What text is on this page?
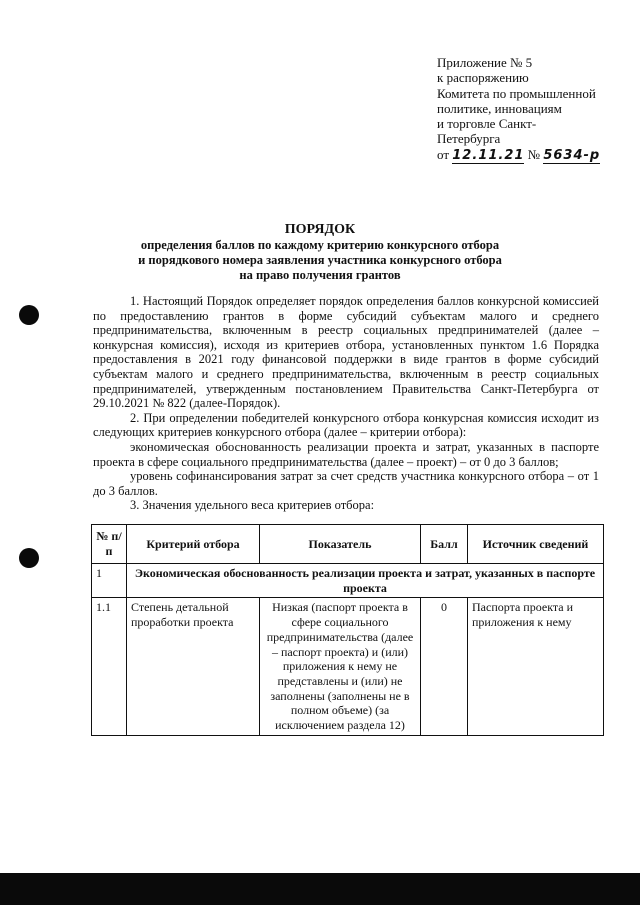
Приложение № 5
к распоряжению
Комитета по промышленной
политике, инновациям
и торговле Санкт-
Петербурга
от 12.11.21 № 5634-р
ПОРЯДОК
определения баллов по каждому критерию конкурсного отбора
и порядкового номера заявления участника конкурсного отбора
на право получения грантов

1. Настоящий Порядок определяет порядок определения баллов конкурсной комиссией по предоставлению грантов в форме субсидий субъектам малого и среднего предпринимательства, включенным в реестр социальных предпринимателей (далее – конкурсная комиссия), исходя из критериев отбора, установленных пунктом 1.6 Порядка предоставления в 2021 году финансовой поддержки в виде грантов в форме субсидий субъектам малого и среднего предпринимательства, включенным в реестр социальных предпринимателей, утвержденным постановлением Правительства Санкт-Петербурга от 29.10.2021 № 822 (далее-Порядок).

2. При определении победителей конкурсного отбора конкурсная комиссия исходит из следующих критериев конкурсного отбора (далее – критерии отбора):

экономическая обоснованность реализации проекта и затрат, указанных в паспорте проекта в сфере социального предпринимательства (далее – проект) – от 0 до 3 баллов;

уровень софинансирования затрат за счет средств участника конкурсного отбора – от 1 до 3 баллов.

3. Значения удельного веса критериев отбора:

№ п/п	Критерий отбора	Показатель	Балл	Источник сведений
1	Экономическая обоснованность реализации проекта и затрат, указанных в паспорте проекта			
1.1	Степень детальной проработки проекта	Низкая (паспорт проекта в сфере социального предпринимательства (далее – паспорт проекта) и (или) приложения к нему не представлены и (или) не заполнены (заполнены не в полном объеме) (за исключением раздела 12)	0	Паспорта проекта и приложения к нему
